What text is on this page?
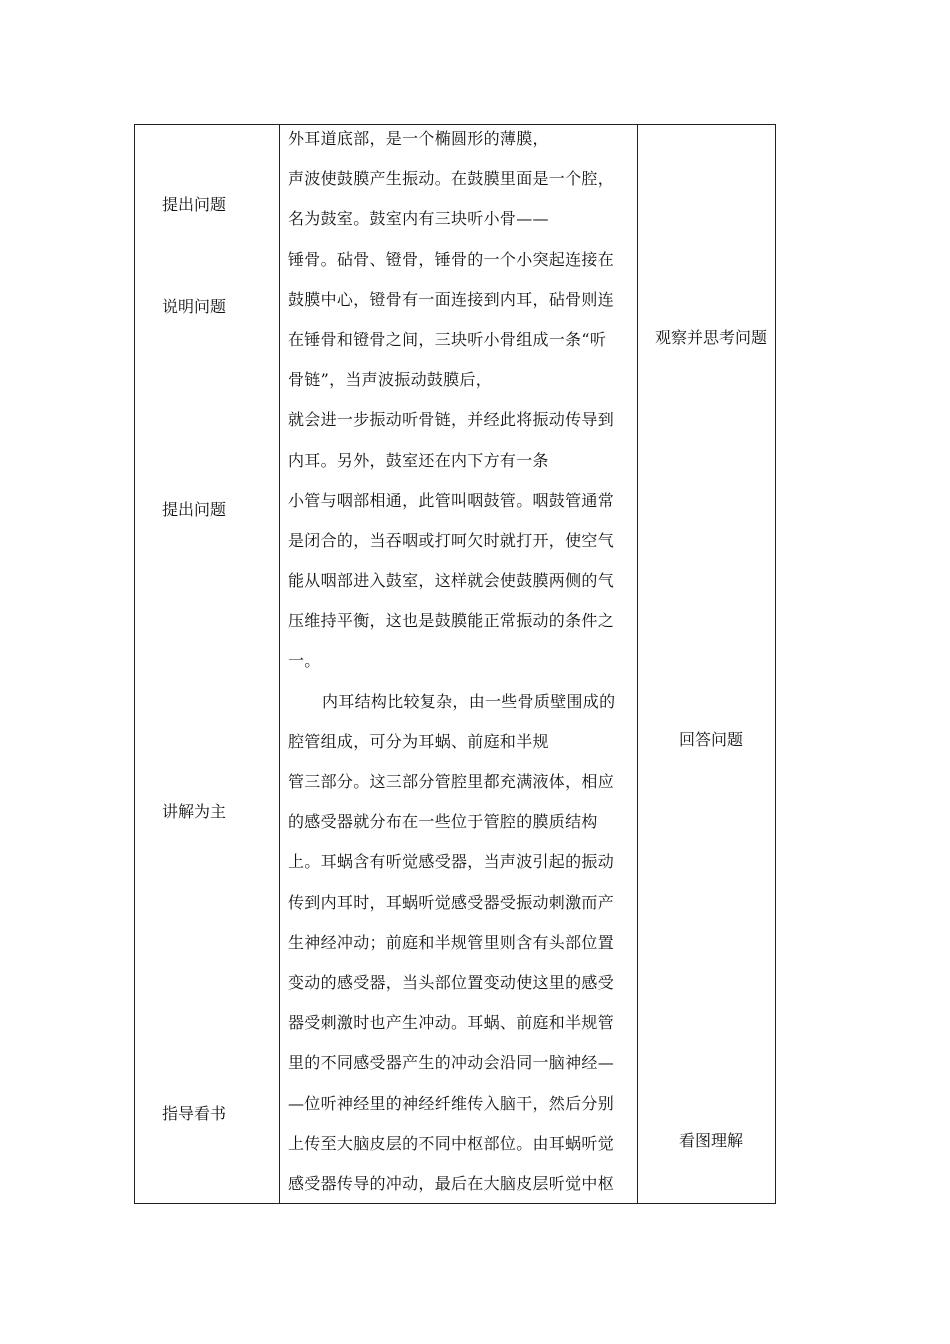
提出问题
说明问题
提出问题
讲解为主
指导看书
观察并思考问题
回答问题
看图理解
外耳道底部，是一个椭圆形的薄膜，
声波使鼓膜产生振动。在鼓膜里面是一个腔，
名为鼓室。鼓室内有三块听小骨——
锤骨。砧骨、镫骨，锤骨的一个小突起连接在
鼓膜中心，镫骨有一面连接到内耳，砧骨则连
在锤骨和镫骨之间，三块听小骨组成一条“听
骨链”，当声波振动鼓膜后，
就会进一步振动听骨链，并经此将振动传导到
内耳。另外，鼓室还在内下方有一条
小管与咽部相通，此管叫咽鼓管。咽鼓管通常
是闭合的，当吞咽或打呵欠时就打开，使空气
能从咽部进入鼓室，这样就会使鼓膜两侧的气
压维持平衡，这也是鼓膜能正常振动的条件之
一。
内耳结构比较复杂，由一些骨质壁围成的
腔管组成，可分为耳蜗、前庭和半规
管三部分。这三部分管腔里都充满液体，相应
的感受器就分布在一些位于管腔的膜质结构
上。耳蜗含有听觉感受器，当声波引起的振动
传到内耳时，耳蜗听觉感受器受振动刺激而产
生神经冲动；前庭和半规管里则含有头部位置
变动的感受器，当头部位置变动使这里的感受
器受刺激时也产生冲动。耳蜗、前庭和半规管
里的不同感受器产生的冲动会沿同一脑神经—
—位听神经里的神经纤维传入脑干，然后分别
上传至大脑皮层的不同中枢部位。由耳蜗听觉
感受器传导的冲动，最后在大脑皮层听觉中枢
